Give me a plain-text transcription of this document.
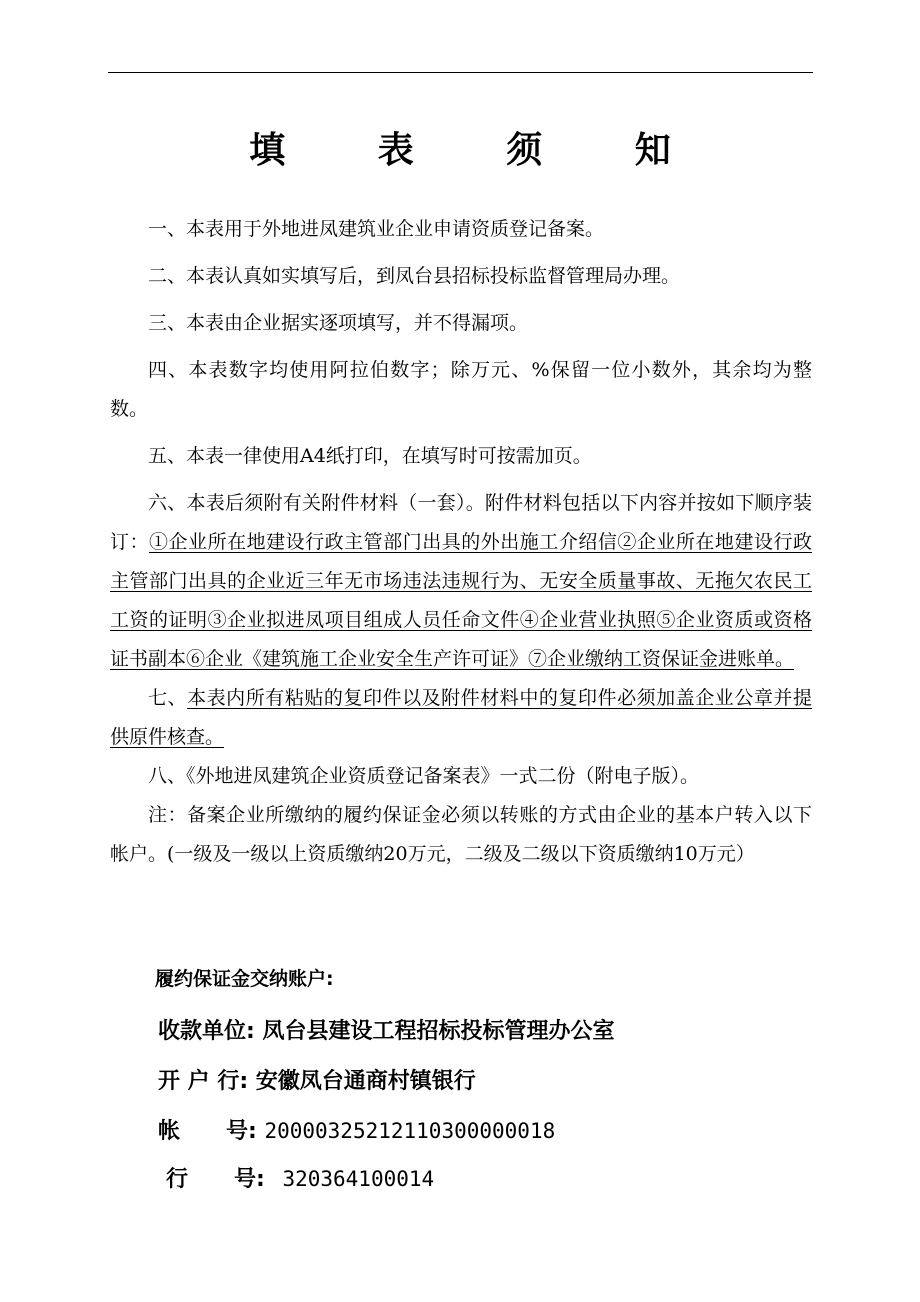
填 表 须 知

一、本表用于外地进凤建筑业企业申请资质登记备案。

二、本表认真如实填写后，到凤台县招标投标监督管理局办理。

三、本表由企业据实逐项填写，并不得漏项。

四、本表数字均使用阿拉伯数字；除万元、%保留一位小数外，其余均为整数。

五、本表一律使用A4纸打印，在填写时可按需加页。

六、本表后须附有关附件材料（一套）。附件材料包括以下内容并按如下顺序装订：①企业所在地建设行政主管部门出具的外出施工介绍信②企业所在地建设行政主管部门出具的企业近三年无市场违法违规行为、无安全质量事故、无拖欠农民工工资的证明③企业拟进凤项目组成人员任命文件④企业营业执照⑤企业资质或资格证书副本⑥企业《建筑施工企业安全生产许可证》⑦企业缴纳工资保证金进账单。

七、本表内所有粘贴的复印件以及附件材料中的复印件必须加盖企业公章并提供原件核查。

八、《外地进凤建筑企业资质登记备案表》一式二份（附电子版）。

注：备案企业所缴纳的履约保证金必须以转账的方式由企业的基本户转入以下帐户。(一级及一级以上资质缴纳20万元，二级及二级以下资质缴纳10万元）

履约保证金交纳账户:
收款单位: 凤台县建设工程招标投标管理办公室
开 户 行: 安徽凤台通商村镇银行
帐      号: 20000325212110300000018
行      号: 320364100014
